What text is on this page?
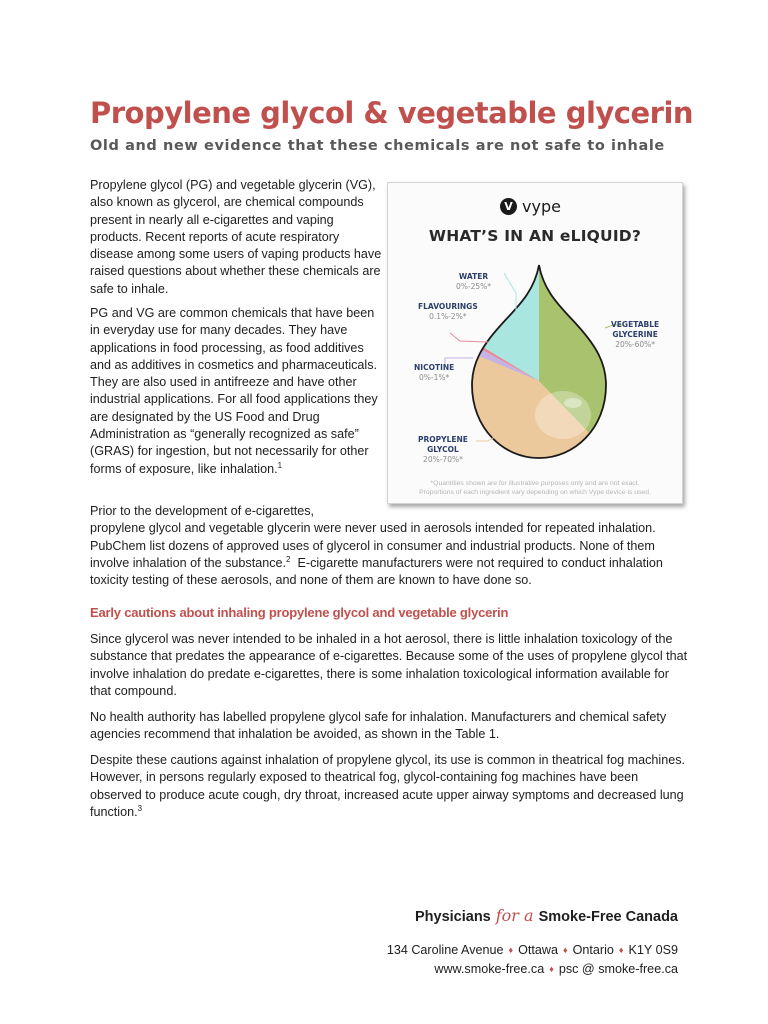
Propylene glycol & vegetable glycerin
Old and new evidence that these chemicals are not safe to inhale

Propylene glycol (PG) and vegetable glycerin (VG), also known as glycerol, are chemical compounds present in nearly all e-cigarettes and vaping products. Recent reports of acute respiratory disease among some users of vaping products have raised questions about whether these chemicals are safe to inhale.

PG and VG are common chemicals that have been in everyday use for many decades. They have applications in food processing, as food additives and as additives in cosmetics and pharmaceuticals. They are also used in antifreeze and have other industrial applications. For all food applications they are designated by the US Food and Drug Administration as “generally recognized as safe” (GRAS) for ingestion, but not necessarily for other forms of exposure, like inhalation.$^1$

Prior to the development of e-cigarettes,
propylene glycol and vegetable glycerin were never used in aerosols intended for repeated inhalation. PubChem list dozens of approved uses of glycerol in consumer and industrial products. None of them involve inhalation of the substance.$^2$  E-cigarette manufacturers were not required to conduct inhalation toxicity testing of these aerosols, and none of them are known to have done so.

Early cautions about inhaling propylene glycol and vegetable glycerin

Since glycerol was never intended to be inhaled in a hot aerosol, there is little inhalation toxicology of the substance that predates the appearance of e-cigarettes. Because some of the uses of propylene glycol that involve inhalation do predate e-cigarettes, there is some inhalation toxicological information available for that compound.

No health authority has labelled propylene glycol safe for inhalation. Manufacturers and chemical safety agencies recommend that inhalation be avoided, as shown in the Table 1.

Despite these cautions against inhalation of propylene glycol, its use is common in theatrical fog machines. However, in persons regularly exposed to theatrical fog, glycol-containing fog machines have been observed to produce acute cough, dry throat, increased acute upper airway symptoms and decreased lung function.$^3$

V vype
WHAT’S IN AN eLIQUID?
WATER
0%-25%*
FLAVOURINGS
0.1%-2%*
NICOTINE
0%-1%*
VEGETABLE
GLYCERINE
20%-60%*
PROPYLENE
GLYCOL
20%-70%*
*Quantities shown are for illustrative purposes only and are not exact.
Proportions of each ingredient vary depending on which Vype device is used.
Physicians for a Smoke-Free Canada
134 Caroline Avenue ♦ Ottawa ♦ Ontario ♦ K1Y 0S9
www.smoke-free.ca ♦ psc @ smoke-free.ca
